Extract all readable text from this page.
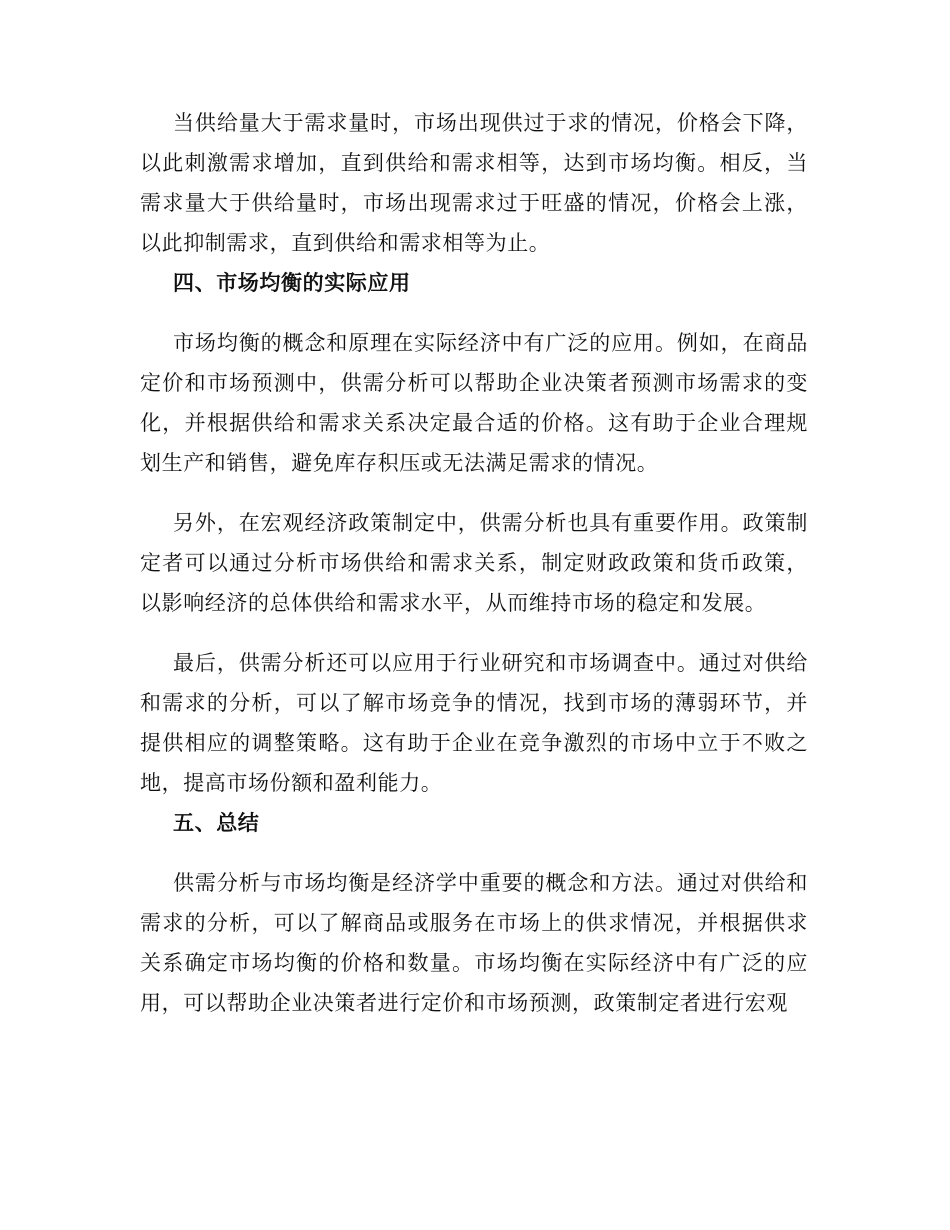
当供给量大于需求量时，市场出现供过于求的情况，价格会下降，以此刺激需求增加，直到供给和需求相等，达到市场均衡。相反，当需求量大于供给量时，市场出现需求过于旺盛的情况，价格会上涨，以此抑制需求，直到供给和需求相等为止。

四、市场均衡的实际应用

市场均衡的概念和原理在实际经济中有广泛的应用。例如，在商品定价和市场预测中，供需分析可以帮助企业决策者预测市场需求的变化，并根据供给和需求关系决定最合适的价格。这有助于企业合理规划生产和销售，避免库存积压或无法满足需求的情况。

另外，在宏观经济政策制定中，供需分析也具有重要作用。政策制定者可以通过分析市场供给和需求关系，制定财政政策和货币政策，以影响经济的总体供给和需求水平，从而维持市场的稳定和发展。

最后，供需分析还可以应用于行业研究和市场调查中。通过对供给和需求的分析，可以了解市场竞争的情况，找到市场的薄弱环节，并提供相应的调整策略。这有助于企业在竞争激烈的市场中立于不败之地，提高市场份额和盈利能力。

五、总结

供需分析与市场均衡是经济学中重要的概念和方法。通过对供给和需求的分析，可以了解商品或服务在市场上的供求情况，并根据供求关系确定市场均衡的价格和数量。市场均衡在实际经济中有广泛的应用，可以帮助企业决策者进行定价和市场预测，政策制定者进行宏观
